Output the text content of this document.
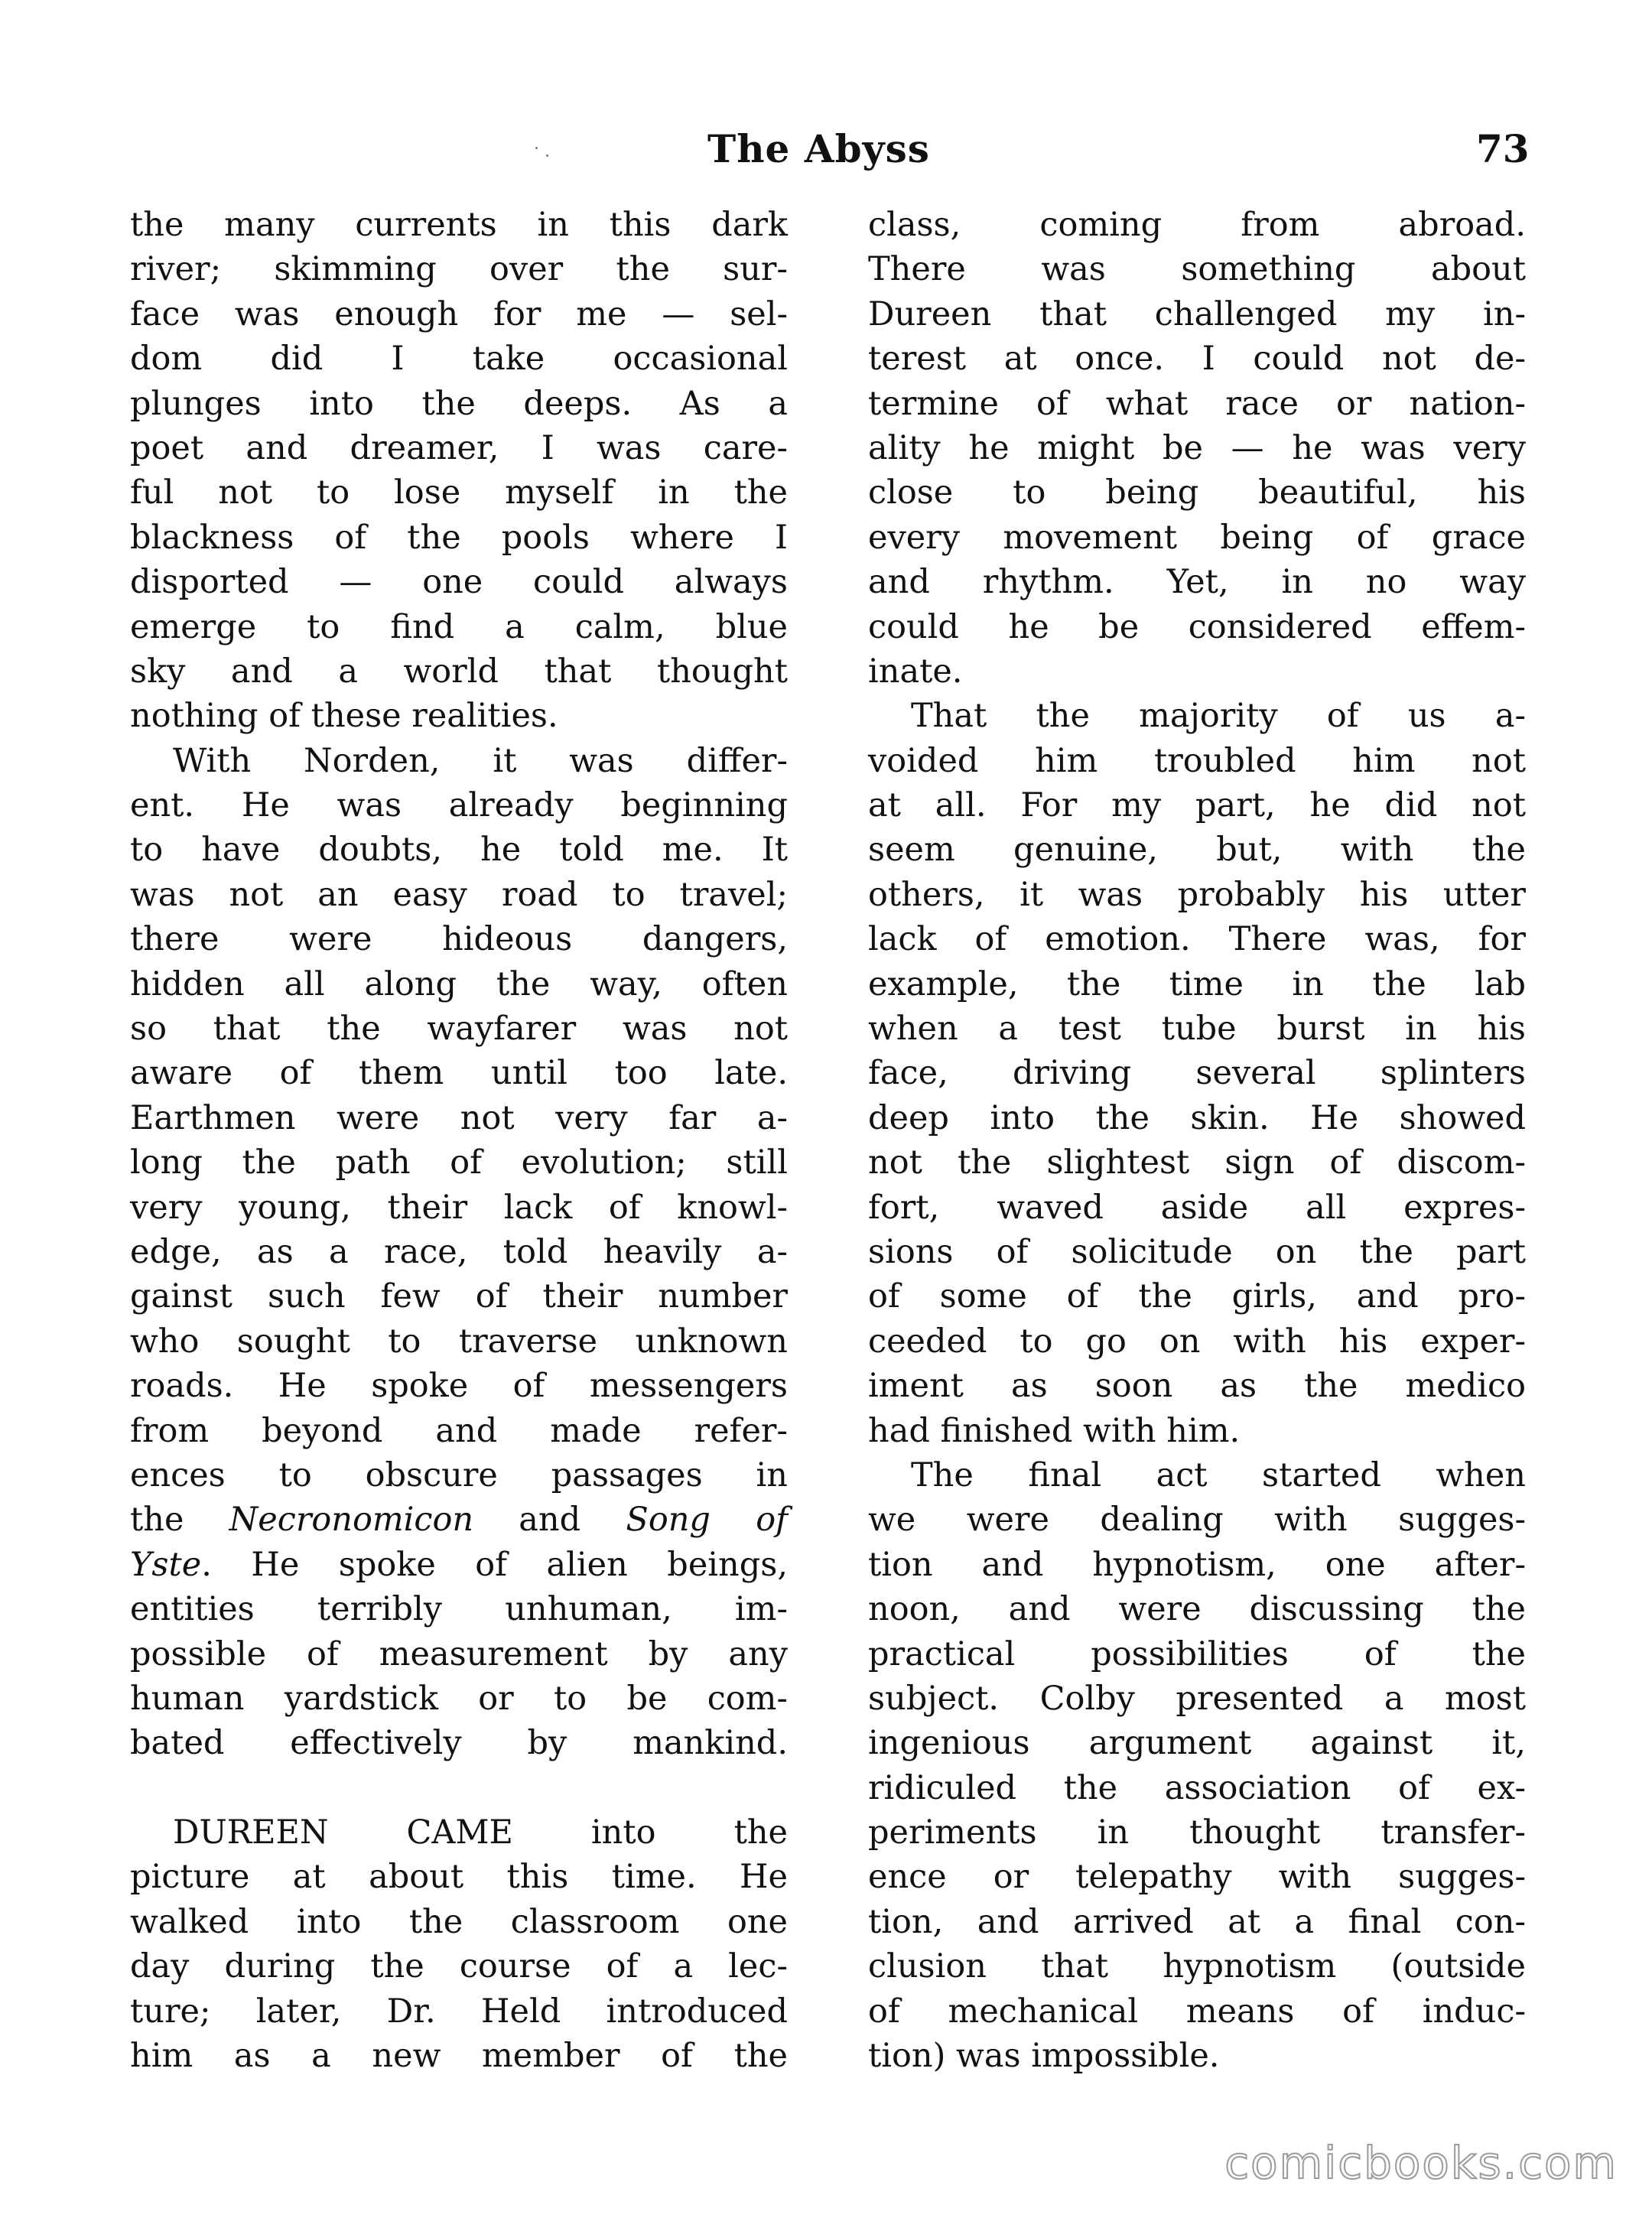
The Abyss	73
the many currents in this dark
river; skimming over the sur-
face was enough for me — sel-
dom did I take occasional
plunges into the deeps. As a
poet and dreamer, I was care-
ful not to lose myself in the
blackness of the pools where I
disported — one could always
emerge to find a calm, blue
sky and a world that thought
nothing of these realities.
With Norden, it was differ-
ent. He was already beginning
to have doubts, he told me. It
was not an easy road to travel;
there were hideous dangers,
hidden all along the way, often
so that the wayfarer was not
aware of them until too late.
Earthmen were not very far a-
long the path of evolution; still
very young, their lack of knowl-
edge, as a race, told heavily a-
gainst such few of their number
who sought to traverse unknown
roads. He spoke of messengers
from beyond and made refer-
ences to obscure passages in
the Necronomicon and Song of
Yste. He spoke of alien beings,
entities terribly unhuman, im-
possible of measurement by any
human yardstick or to be com-
bated effectively by mankind.
DUREEN CAME into the
picture at about this time. He
walked into the classroom one
day during the course of a lec-
ture; later, Dr. Held introduced
him as a new member of the
class, coming from abroad.
There was something about
Dureen that challenged my in-
terest at once. I could not de-
termine of what race or nation-
ality he might be — he was very
close to being beautiful, his
every movement being of grace
and rhythm. Yet, in no way
could he be considered effem-
inate.
That the majority of us a-
voided him troubled him not
at all. For my part, he did not
seem genuine, but, with the
others, it was probably his utter
lack of emotion. There was, for
example, the time in the lab
when a test tube burst in his
face, driving several splinters
deep into the skin. He showed
not the slightest sign of discom-
fort, waved aside all expres-
sions of solicitude on the part
of some of the girls, and pro-
ceeded to go on with his exper-
iment as soon as the medico
had finished with him.
The final act started when
we were dealing with sugges-
tion and hypnotism, one after-
noon, and were discussing the
practical possibilities of the
subject. Colby presented a most
ingenious argument against it,
ridiculed the association of ex-
periments in thought transfer-
ence or telepathy with sugges-
tion, and arrived at a final con-
clusion that hypnotism (outside
of mechanical means of induc-
tion) was impossible.
comicbooks.com
